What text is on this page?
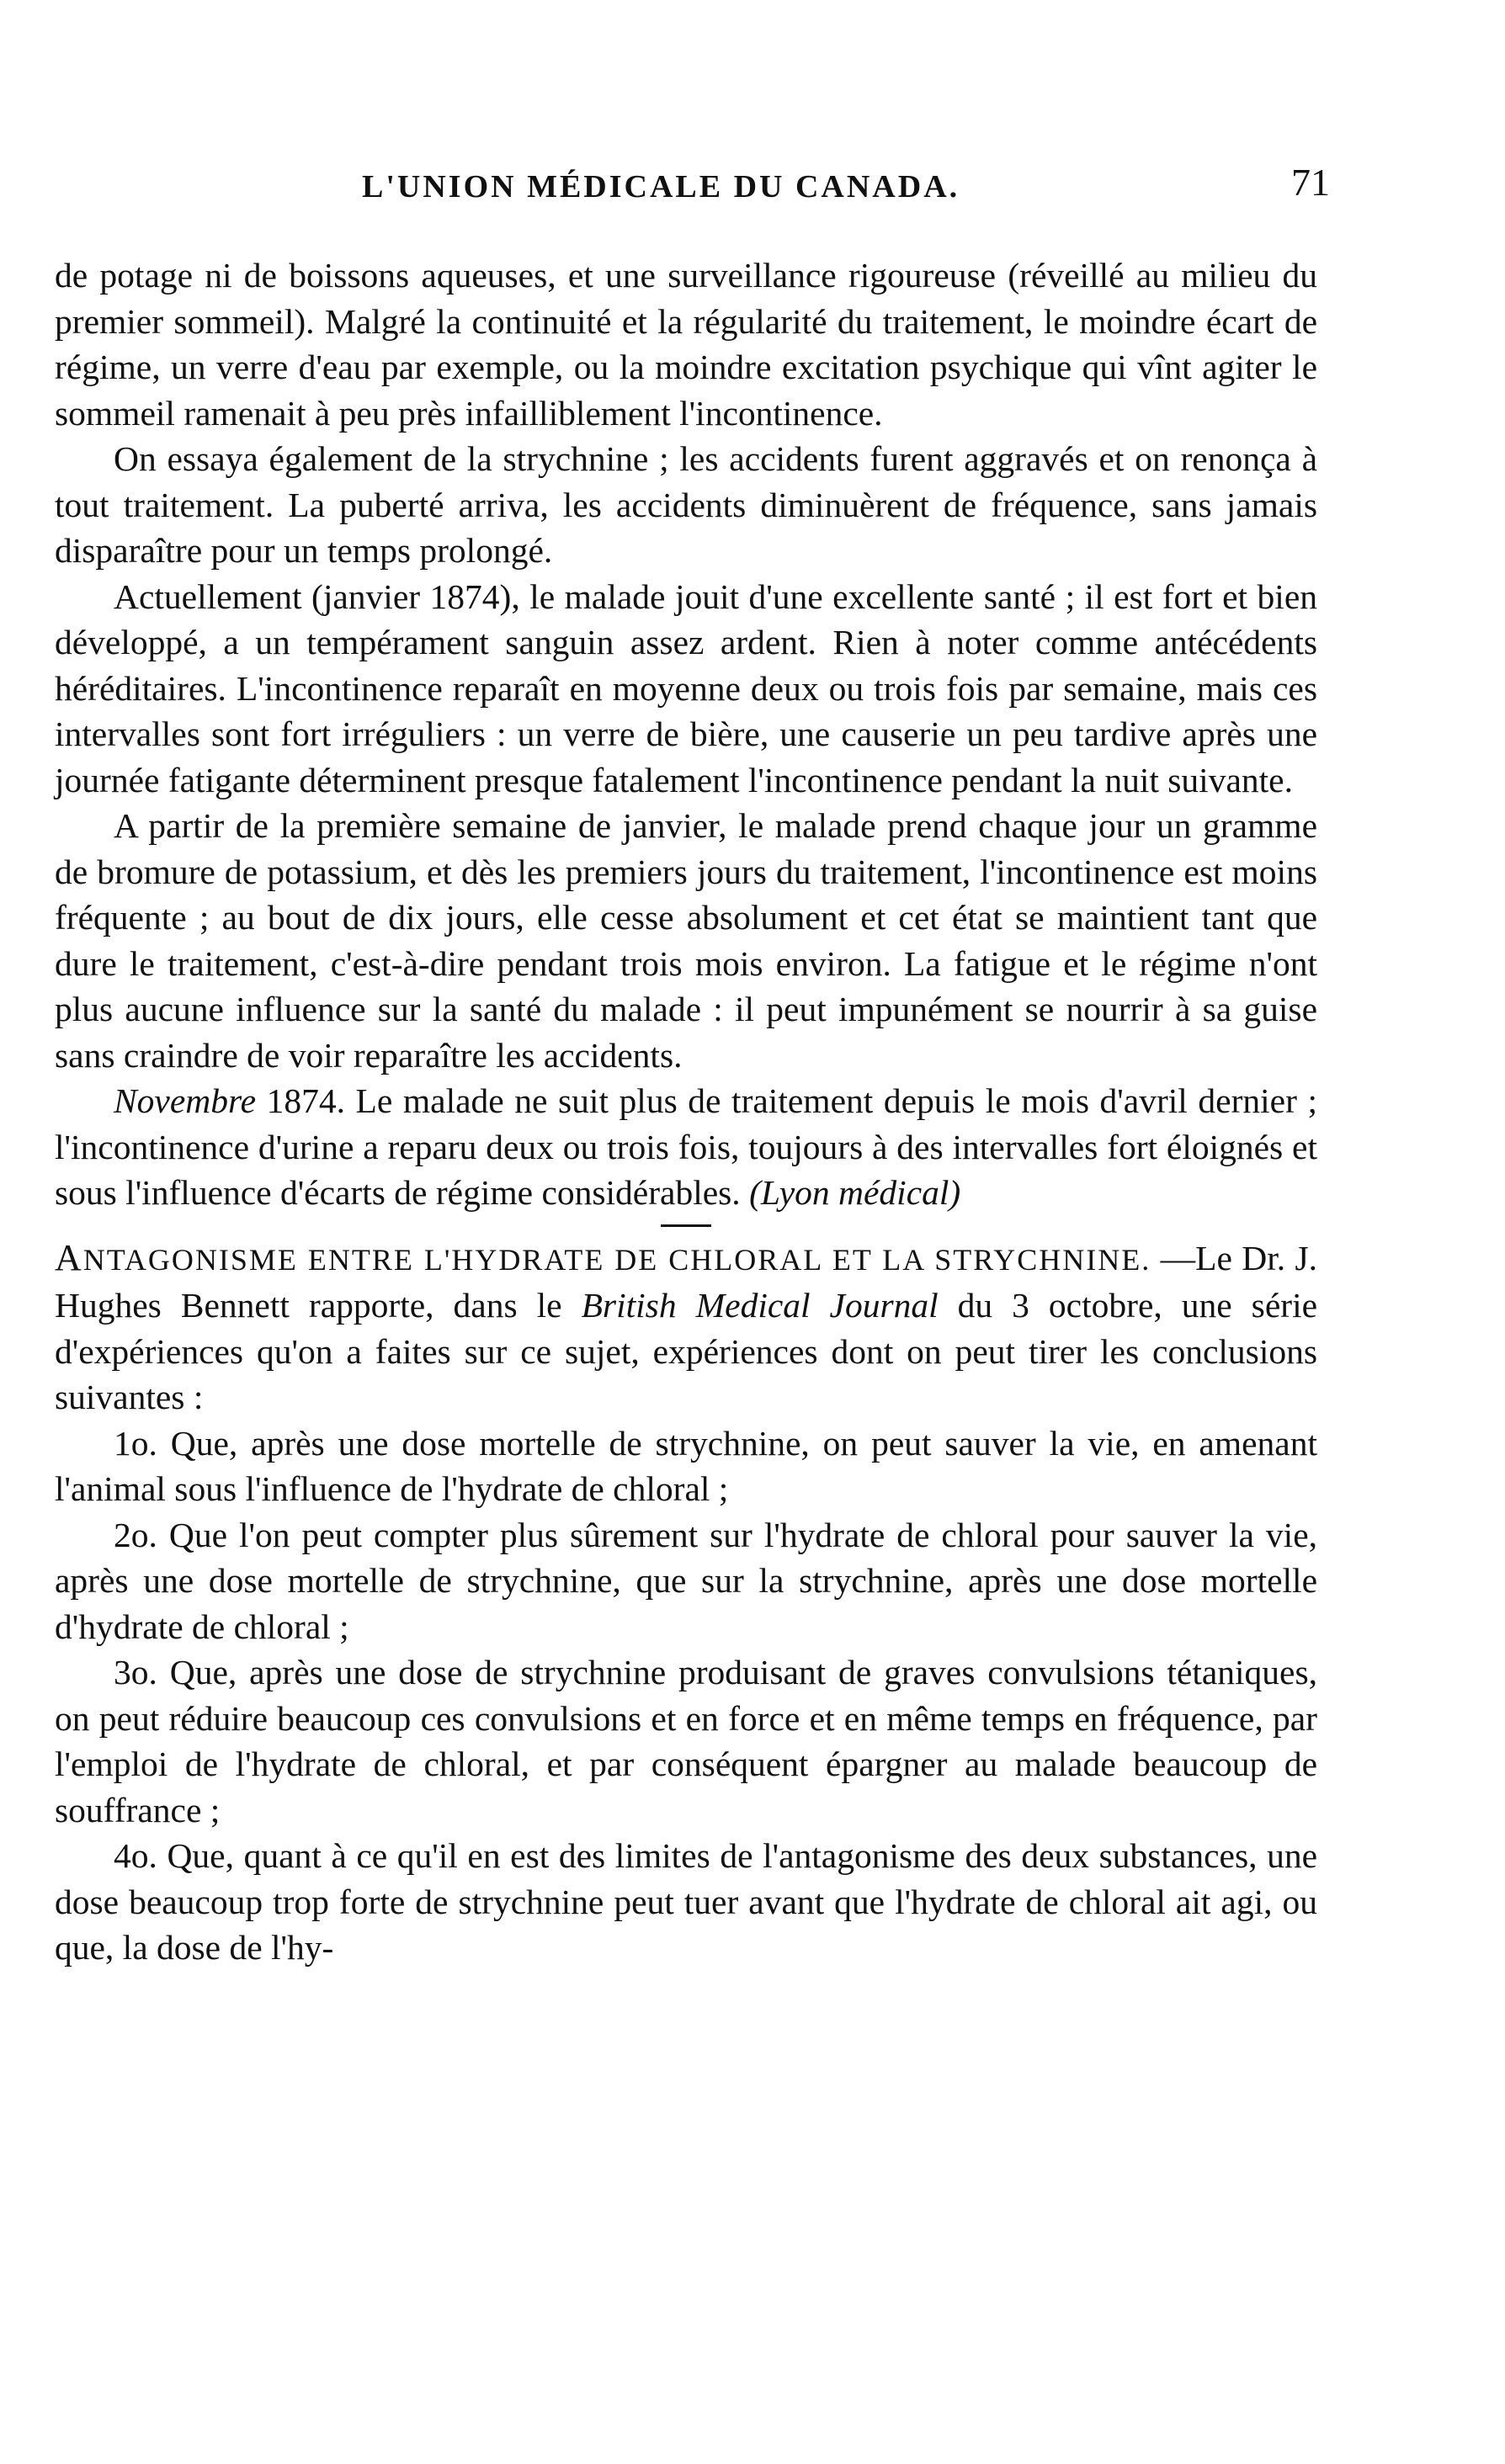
L'UNION MÉDICALE DU CANADA.	71

de potage ni de boissons aqueuses, et une surveillance rigoureuse (réveillé au milieu du premier sommeil). Malgré la continuité et la régularité du traitement, le moindre écart de régime, un verre d'eau par exemple, ou la moindre excitation psychique qui vînt agiter le sommeil ramenait à peu près infailliblement l'incontinence.

On essaya également de la strychnine ; les accidents furent aggravés et on renonça à tout traitement. La puberté arriva, les accidents diminuèrent de fréquence, sans jamais disparaître pour un temps prolongé.

Actuellement (janvier 1874), le malade jouit d'une excellente santé ; il est fort et bien développé, a un tempérament sanguin assez ardent. Rien à noter comme antécédents héréditaires. L'incontinence reparaît en moyenne deux ou trois fois par semaine, mais ces intervalles sont fort irréguliers : un verre de bière, une causerie un peu tardive après une journée fatigante déterminent presque fatalement l'incontinence pendant la nuit suivante.

A partir de la première semaine de janvier, le malade prend chaque jour un gramme de bromure de potassium, et dès les premiers jours du traitement, l'incontinence est moins fréquente ; au bout de dix jours, elle cesse absolument et cet état se maintient tant que dure le traitement, c'est-à-dire pendant trois mois environ. La fatigue et le régime n'ont plus aucune influence sur la santé du malade : il peut impunément se nourrir à sa guise sans craindre de voir reparaître les accidents.

Novembre 1874. Le malade ne suit plus de traitement depuis le mois d'avril dernier ; l'incontinence d'urine a reparu deux ou trois fois, toujours à des intervalles fort éloignés et sous l'influence d'écarts de régime considérables. (Lyon médical)

ANTAGONISME ENTRE L'HYDRATE DE CHLORAL ET LA STRYCHNINE. —Le Dr. J. Hughes Bennett rapporte, dans le British Medical Journal du 3 octobre, une série d'expériences qu'on a faites sur ce sujet, expériences dont on peut tirer les conclusions suivantes :

1o. Que, après une dose mortelle de strychnine, on peut sauver la vie, en amenant l'animal sous l'influence de l'hydrate de chloral ;

2o. Que l'on peut compter plus sûrement sur l'hydrate de chloral pour sauver la vie, après une dose mortelle de strychnine, que sur la strychnine, après une dose mortelle d'hydrate de chloral ;

3o. Que, après une dose de strychnine produisant de graves convulsions tétaniques, on peut réduire beaucoup ces convulsions et en force et en même temps en fréquence, par l'emploi de l'hydrate de chloral, et par conséquent épargner au malade beaucoup de souffrance ;

4o. Que, quant à ce qu'il en est des limites de l'antagonisme des deux substances, une dose beaucoup trop forte de strychnine peut tuer avant que l'hydrate de chloral ait agi, ou que, la dose de l'hy-
